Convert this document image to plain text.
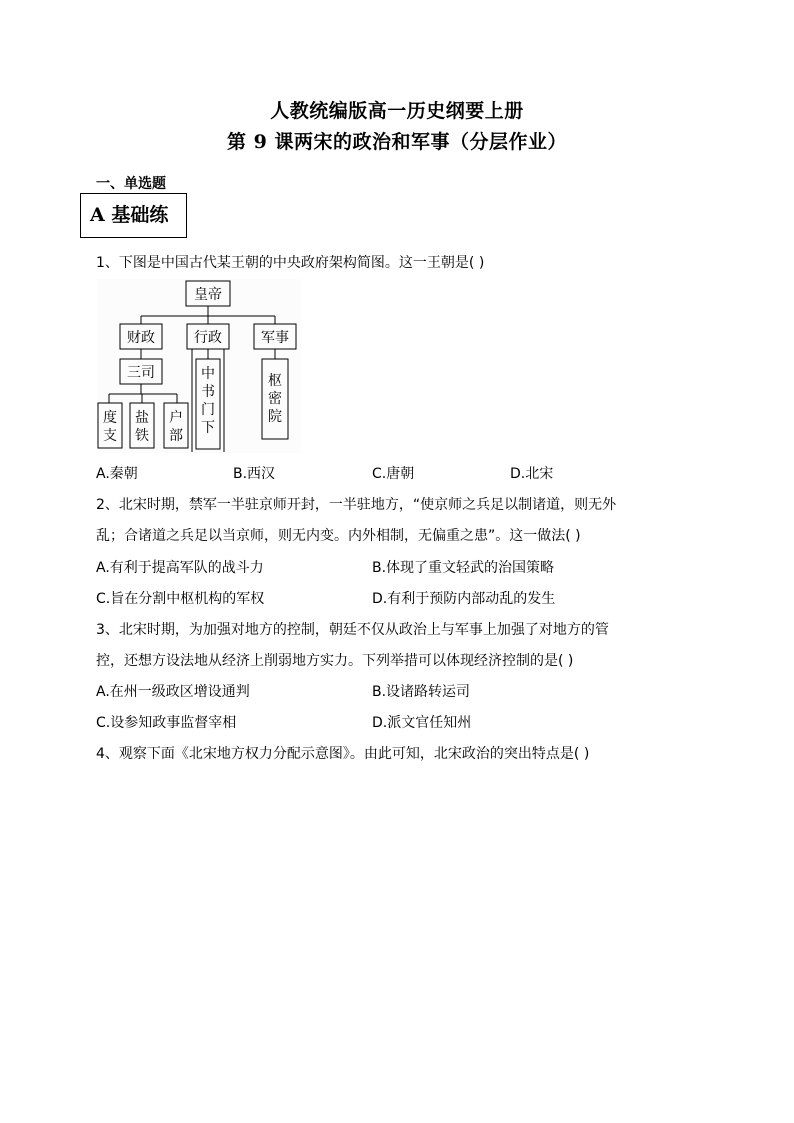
人教统编版高一历史纲要上册
第 9 课两宋的政治和军事（分层作业）
一、单选题
A 基础练
1、下图是中国古代某王朝的中央政府架构简图。这一王朝是( )
皇帝
财政	行政	军事
三司
度
支
盐
铁
户
部
中
书
门
下
枢
密
院
A.秦朝	B.西汉	C.唐朝	D.北宋
2、北宋时期，禁军一半驻京师开封，一半驻地方，“使京师之兵足以制诸道，则无外
乱；合诸道之兵足以当京师，则无内变。内外相制，无偏重之患”。这一做法( )
A.有利于提高军队的战斗力	B.体现了重文轻武的治国策略
C.旨在分割中枢机构的军权	D.有利于预防内部动乱的发生
3、北宋时期，为加强对地方的控制，朝廷不仅从政治上与军事上加强了对地方的管
控，还想方设法地从经济上削弱地方实力。下列举措可以体现经济控制的是( )
A.在州一级政区增设通判	B.设诸路转运司
C.设参知政事监督宰相	D.派文官任知州
4、观察下面《北宋地方权力分配示意图》。由此可知，北宋政治的突出特点是( )
